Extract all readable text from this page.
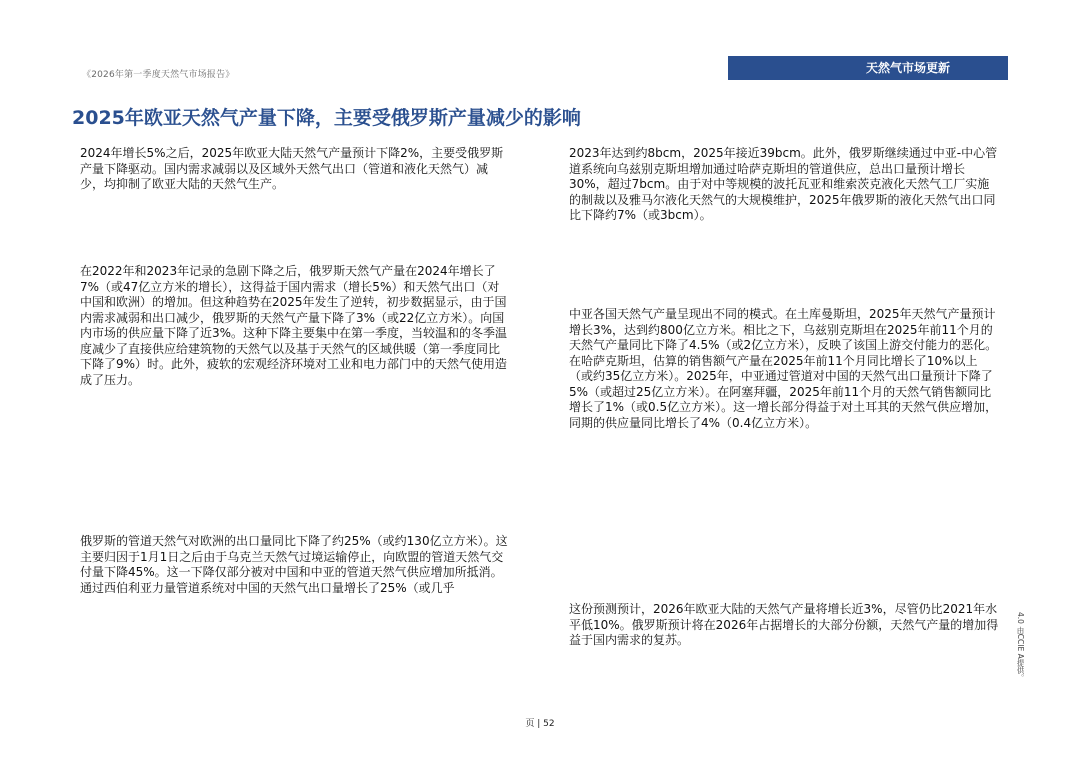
《2026年第一季度天然气市场报告》	天然气市场更新
2025年欧亚天然气产量下降，主要受俄罗斯产量减少的影响

2024年增长5%之后，2025年欧亚大陆天然气产量预计下降2%，主要受俄罗斯产量下降驱动。国内需求减弱以及区域外天然气出口（管道和液化天然气）减少，均抑制了欧亚大陆的天然气生产。

在2022年和2023年记录的急剧下降之后，俄罗斯天然气产量在2024年增长了7%（或47亿立方米的增长），这得益于国内需求（增长5%）和天然气出口（对中国和欧洲）的增加。但这种趋势在2025年发生了逆转，初步数据显示，由于国内需求减弱和出口减少，俄罗斯的天然气产量下降了3%（或22亿立方米）。向国内市场的供应量下降了近3%。这种下降主要集中在第一季度，当较温和的冬季温度减少了直接供应给建筑物的天然气以及基于天然气的区域供暖（第一季度同比下降了9%）时。此外，疲软的宏观经济环境对工业和电力部门中的天然气使用造成了压力。

俄罗斯的管道天然气对欧洲的出口量同比下降了约25%（或约130亿立方米）。这主要归因于1月1日之后由于乌克兰天然气过境运输停止，向欧盟的管道天然气交付量下降45%。这一下降仅部分被对中国和中亚的管道天然气供应增加所抵消。通过西伯利亚力量管道系统对中国的天然气出口量增长了25%（或几乎

2023年达到约8bcm，2025年接近39bcm。此外，俄罗斯继续通过中亚-中心管道系统向乌兹别克斯坦增加通过哈萨克斯坦的管道供应，总出口量预计增长30%，超过7bcm。由于对中等规模的波托瓦亚和维索茨克液化天然气工厂实施的制裁以及雅马尔液化天然气的大规模维护，2025年俄罗斯的液化天然气出口同比下降约7%（或3bcm）。

中亚各国天然气产量呈现出不同的模式。在土库曼斯坦，2025年天然气产量预计增长3%，达到约800亿立方米。相比之下，乌兹别克斯坦在2025年前11个月的天然气产量同比下降了4.5%（或2亿立方米），反映了该国上游交付能力的恶化。在哈萨克斯坦，估算的销售额气产量在2025年前11个月同比增长了10%以上（或约35亿立方米）。2025年，中亚通过管道对中国的天然气出口量预计下降了5%（或超过25亿立方米）。在阿塞拜疆，2025年前11个月的天然气销售额同比增长了1%（或0.5亿立方米）。这一增长部分得益于对土耳其的天然气供应增加，同期的供应量同比增长了4%（0.4亿立方米）。

这份预测预计，2026年欧亚大陆的天然气产量将增长近3%，尽管仍比2021年水平低10%。俄罗斯预计将在2026年占据增长的大部分份额，天然气产量的增加得益于国内需求的复苏。	4.0 由CCIE A提供。
页 | 52
